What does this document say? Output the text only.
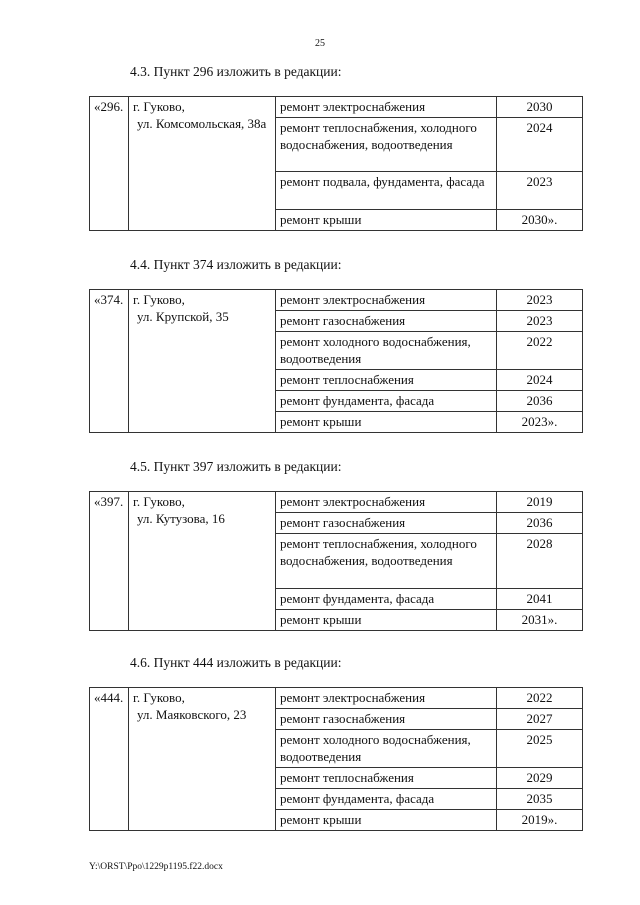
25
4.3. Пункт 296 изложить в редакции:
«296.	г. Гуково,
ул. Комсомольская, 38а	ремонт электроснабжения	2030
		ремонт теплоснабжения, холодного водоснабжения, водоотведения	2024
		ремонт подвала, фундамента, фасада	2023
		ремонт крыши	2030».
4.4. Пункт 374 изложить в редакции:
«374.	г. Гуково,
ул. Крупской, 35	ремонт электроснабжения	2023
		ремонт газоснабжения	2023
		ремонт холодного водоснабжения, водоотведения	2022
		ремонт теплоснабжения	2024
		ремонт фундамента, фасада	2036
		ремонт крыши	2023».
4.5. Пункт 397 изложить в редакции:
«397.	г. Гуково,
ул. Кутузова, 16	ремонт электроснабжения	2019
		ремонт газоснабжения	2036
		ремонт теплоснабжения, холодного водоснабжения, водоотведения	2028
		ремонт фундамента, фасада	2041
		ремонт крыши	2031».
4.6. Пункт 444 изложить в редакции:
«444.	г. Гуково,
ул. Маяковского, 23	ремонт электроснабжения	2022
		ремонт газоснабжения	2027
		ремонт холодного водоснабжения, водоотведения	2025
		ремонт теплоснабжения	2029
		ремонт фундамента, фасада	2035
		ремонт крыши	2019».
Y:\ORST\Ppo\1229p1195.f22.docx
